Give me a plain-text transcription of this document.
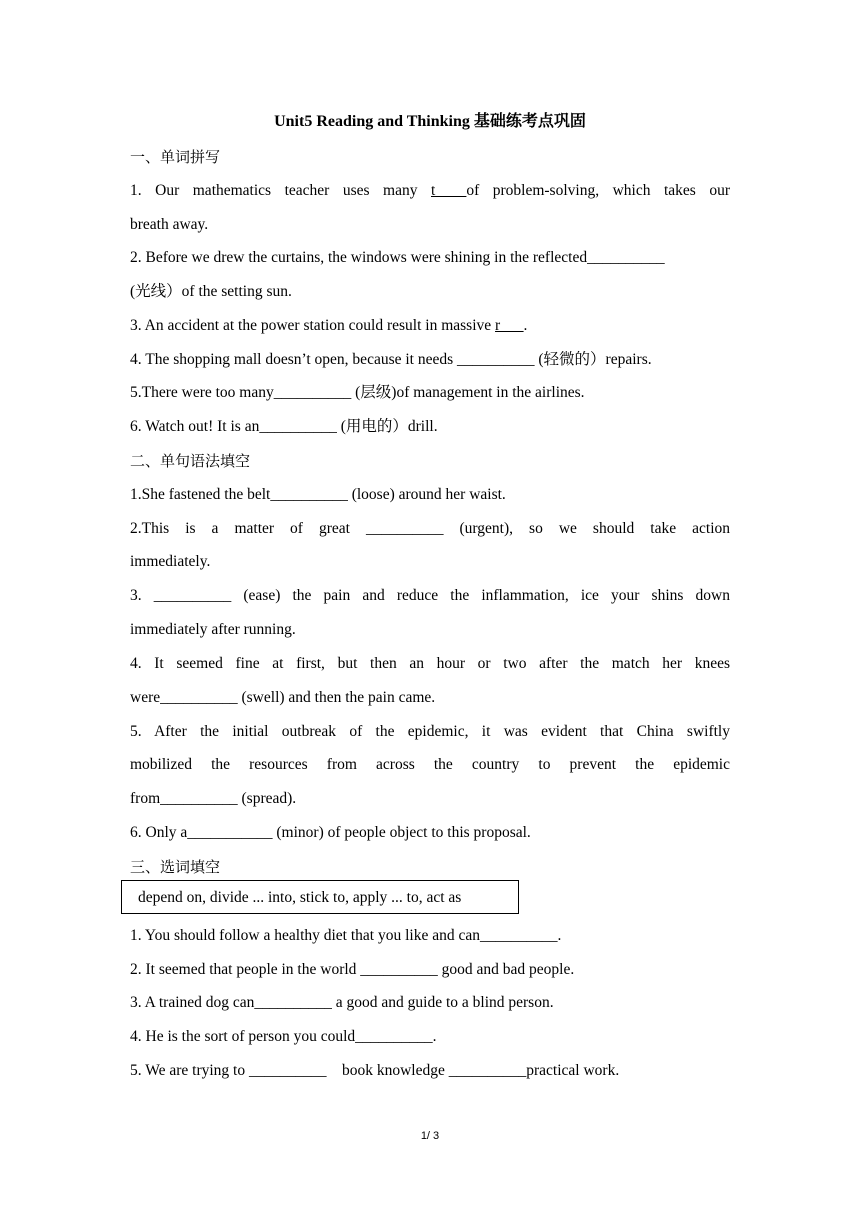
Unit5 Reading and Thinking 基础练考点巩固
一、单词拼写
1. Our mathematics teacher uses many t____of problem-solving, which takes our
breath away.
2. Before we drew the curtains, the windows were shining in the reflected__________
(光线）of the setting sun.
3. An accident at the power station could result in massive r___.
4. The shopping mall doesn’t open, because it needs __________ (轻微的）repairs.
5.There were too many__________ (层级)of management in the airlines.
6. Watch out! It is an__________ (用电的）drill.
二、单句语法填空
1.She fastened the belt__________ (loose) around her waist.
2.This is a matter of great __________ (urgent), so we should take action
immediately.
3. __________ (ease) the pain and reduce the inflammation, ice your shins down
immediately after running.
4. It seemed fine at first, but then an hour or two after the match her knees
were__________ (swell) and then the pain came.
5. After the initial outbreak of the epidemic, it was evident that China swiftly
mobilized the resources from across the country to prevent the epidemic
from__________ (spread).
6. Only a___________ (minor) of people object to this proposal.
三、选词填空
depend on, divide ... into, stick to, apply ... to, act as
1. You should follow a healthy diet that you like and can__________.
2. It seemed that people in the world __________ good and bad people.
3. A trained dog can__________ a good and guide to a blind person.
4. He is the sort of person you could__________.
5. We are trying to __________    book knowledge __________practical work.
1/ 3
